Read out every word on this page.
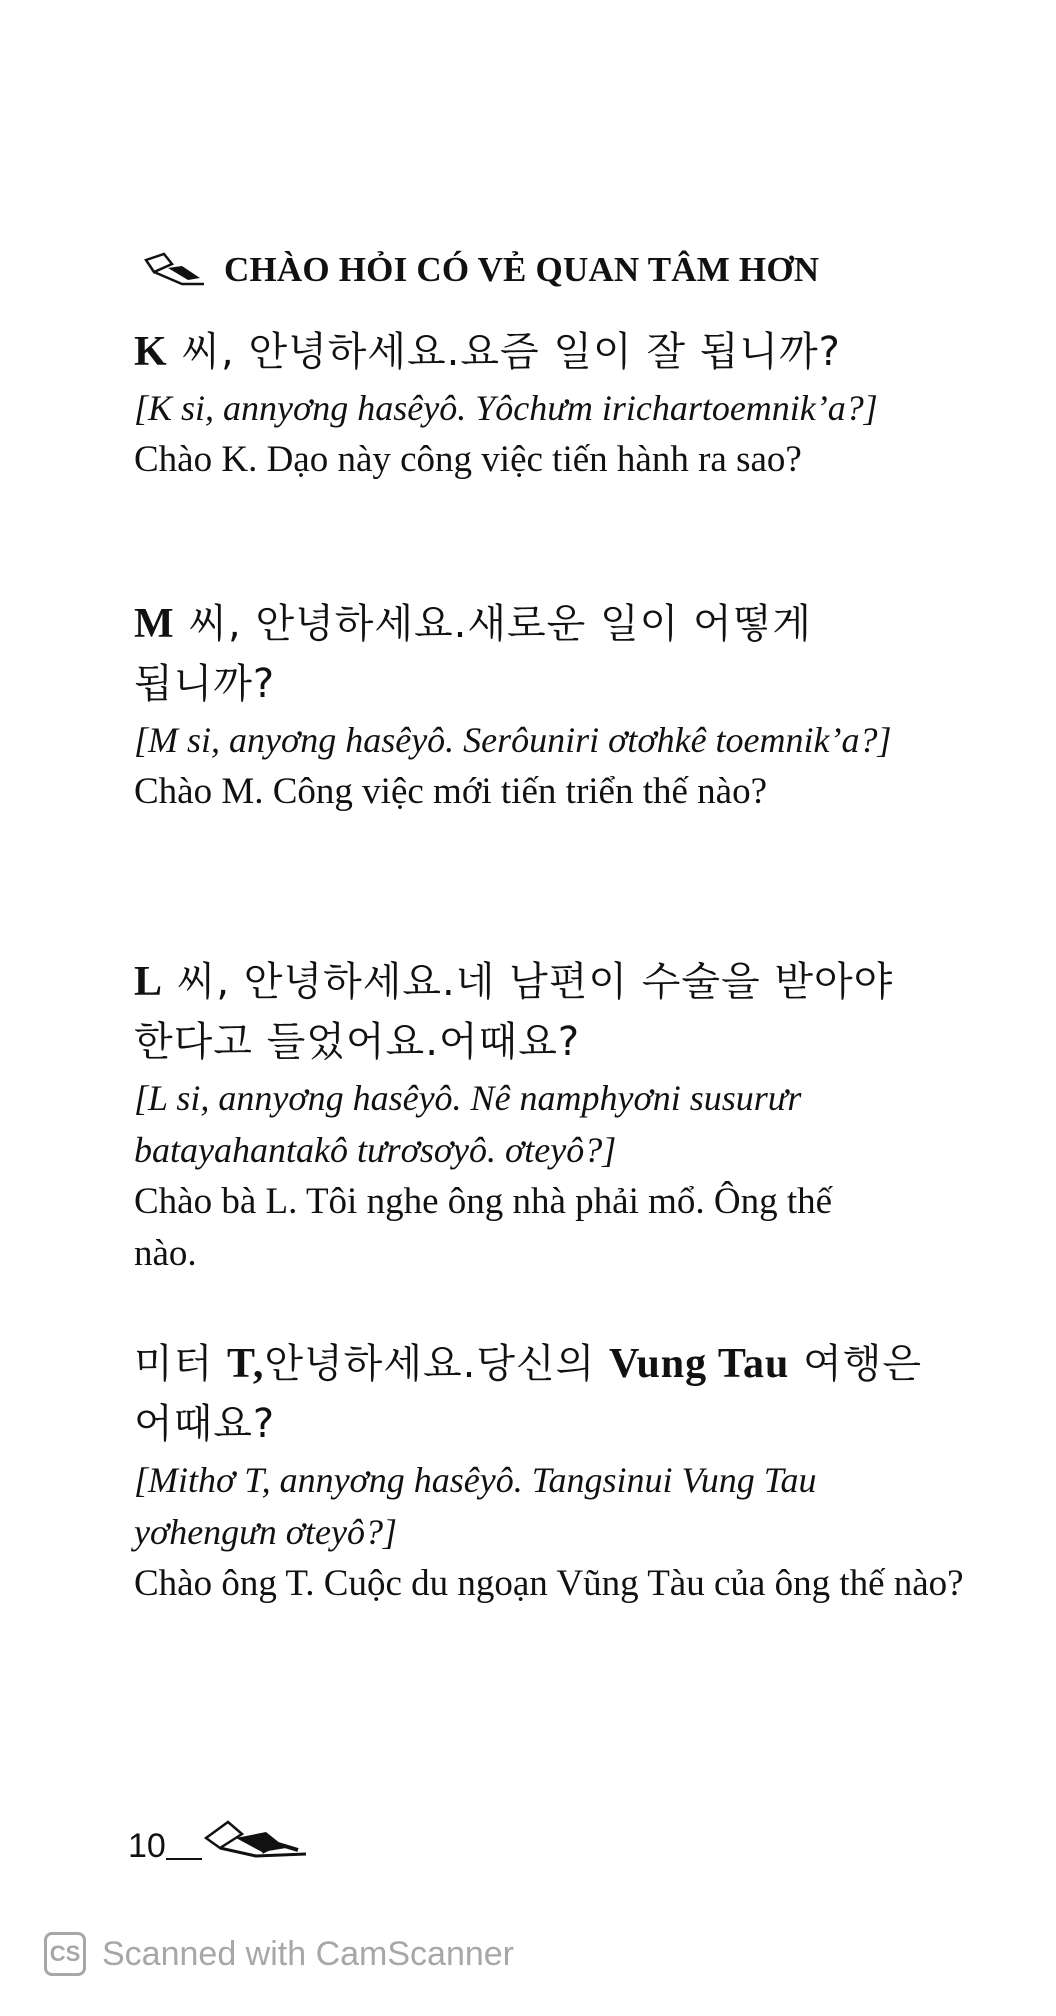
CHÀO HỎI CÓ VẺ QUAN TÂM HƠN
K 씨, 안녕하세요.요즘 일이 잘 됩니까?
[K si, annyơng hasêyô. Yôchưm irichartoemnik’a?]
Chào K. Dạo này công việc tiến hành ra sao?
M 씨, 안녕하세요.새로운 일이 어떻게 됩니까?
[M si, anyơng hasêyô. Serôuniri ơtơhkê toemnik’a?]
Chào M. Công việc mới tiến triển thế nào?
L 씨, 안녕하세요.네 남편이 수술을 받아야 한다고 들었어요.어때요?
[L si, annyơng hasêyô. Nê namphyơni susurưr batayahantakô tưrơsơyô. ơteyô?]
Chào bà L. Tôi nghe ông nhà phải mổ. Ông thế nào.
미터 T,안녕하세요.당신의 Vung Tau 여행은 어때요?
[Mithơ T, annyơng hasêyô. Tangsinui Vung Tau yơhengưn ơteyô?]
Chào ông T. Cuộc du ngoạn Vũng Tàu của ông thế nào?
10
CS Scanned with CamScanner
